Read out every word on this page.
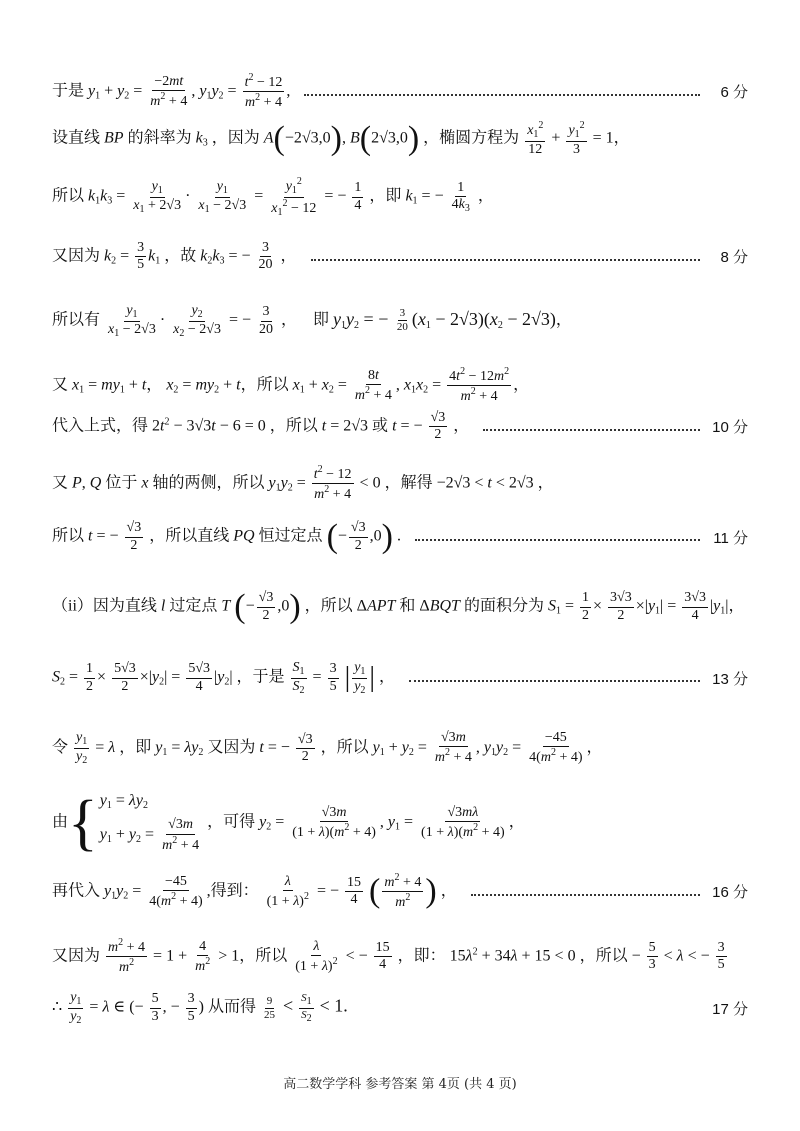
于是 $y_1 + y_2 = \frac{-2mt}{m^2 + 4}$ , $y_1y_2 = \frac{t^2 - 12}{m^2 + 4}$ ,	6 分
设直线 BP 的斜率为 $k_3$ ，因为 A(−2√3,0), B(2√3,0) ，椭圆方程为 $\frac{x_1^2}{12} + \frac{y_1^2}{3} = 1$，
所以 $k_1k_3 = \frac{y_1}{x_1 + 2√3} \cdot \frac{y_1}{x_1 - 2√3} = \frac{y_1^2}{x_1^2 - 12}$ = − $\frac{1}{4}$ ，即 $k_1$ = − $\frac{1}{4k_3}$ ，
又因为 $k_2 = \frac{3}{5} k_1$ ，故 $k_2k_3$ = − $\frac{3}{20}$ ，	8 分
所以有 $\frac{y_1}{x_1 - 2√3} \cdot \frac{y_2}{x_2 - 2√3}$ = − $\frac{3}{20}$ ， 即 $y_1y_2$ = − $\frac{3}{20} (x_1 - 2√3)(x_2 - 2√3)$，
又 $x_1 = my_1 + t$， $x_2 = my_2 + t$，所以 $x_1 + x_2 = \frac{8t}{m^2 + 4}$ , $x_1x_2 = \frac{4t^2 - 12m^2}{m^2 + 4}$ ，
代入上式，得 $2t^2 - 3√3t - 6 = 0$ ，所以 t = 2√3 或 t = − $\frac{√3}{2}$ ，	10 分
又 P, Q 位于 x 轴的两侧，所以 $y_1y_2 = \frac{t^2 - 12}{m^2 + 4} < 0$ ，解得 −2√3 < t < 2√3 ，
所以 t = − $\frac{√3}{2}$ ，所以直线 PQ 恒过定点 (− $\frac{√3}{2} ,0$) .	11 分
（ii）因为直线 l 过定点 T (− $\frac{√3}{2} ,0$) ，所以 ΔAPT 和 ΔBQT 的面积分为 $S_1 = \frac{1}{2} \times \frac{3√3}{2} \times|y_1| = \frac{3√3}{4} |y_1|$，
$S_2 = \frac{1}{2} \times \frac{5√3}{2} \times|y_2| = \frac{5√3}{4} |y_2|$ ，于是 $\frac{S_1}{S_2} = \frac{3}{5}$ | $\frac{y_1}{y_2}$ | ，	13 分
令 $\frac{y_1}{y_2} = \lambda$ ，即 $y_1 = \lambda y_2$ 又因为 t = − $\frac{√3}{2}$ ，所以 $y_1 + y_2 = \frac{√3m}{m^2 + 4}$ , $y_1y_2 = \frac{-45}{4(m^2 + 4)}$ ，
由{ $y_1 = \lambda y_2$
$y_1 + y_2 = \frac{√3m}{m^2 + 4}$ ，可得 $y_2 = \frac{√3m}{(1 + \lambda)(m^2 + 4)}$ , $y_1 = \frac{√3m\lambda}{(1 + \lambda)(m^2 + 4)}$ ，
再代入 $y_1y_2 = \frac{-45}{4(m^2 + 4)}$ ,得到： $\frac{\lambda}{(1 + \lambda)^2}$ = − $\frac{15}{4}$ ( $\frac{m^2 + 4}{m^2}$ ) ，	16 分
又因为 $\frac{m^2 + 4}{m^2} = 1 + \frac{4}{m^2} > 1$，所以 $\frac{\lambda}{(1 + \lambda)^2}$ < − $\frac{15}{4}$ ，即： $15\lambda^2 + 34\lambda + 15 < 0$ ，所以 − $\frac{5}{3} < \lambda$ < − $\frac{3}{5}$
∴ $\frac{y_1}{y_2} = \lambda$ ∈ (− $\frac{5}{3}$ , − $\frac{3}{5}$ ) 从而得 $\frac{9}{25} < \frac{S1}{S2} < 1$.	17 分
高二数学学科 参考答案 第 4页 (共 4 页)
